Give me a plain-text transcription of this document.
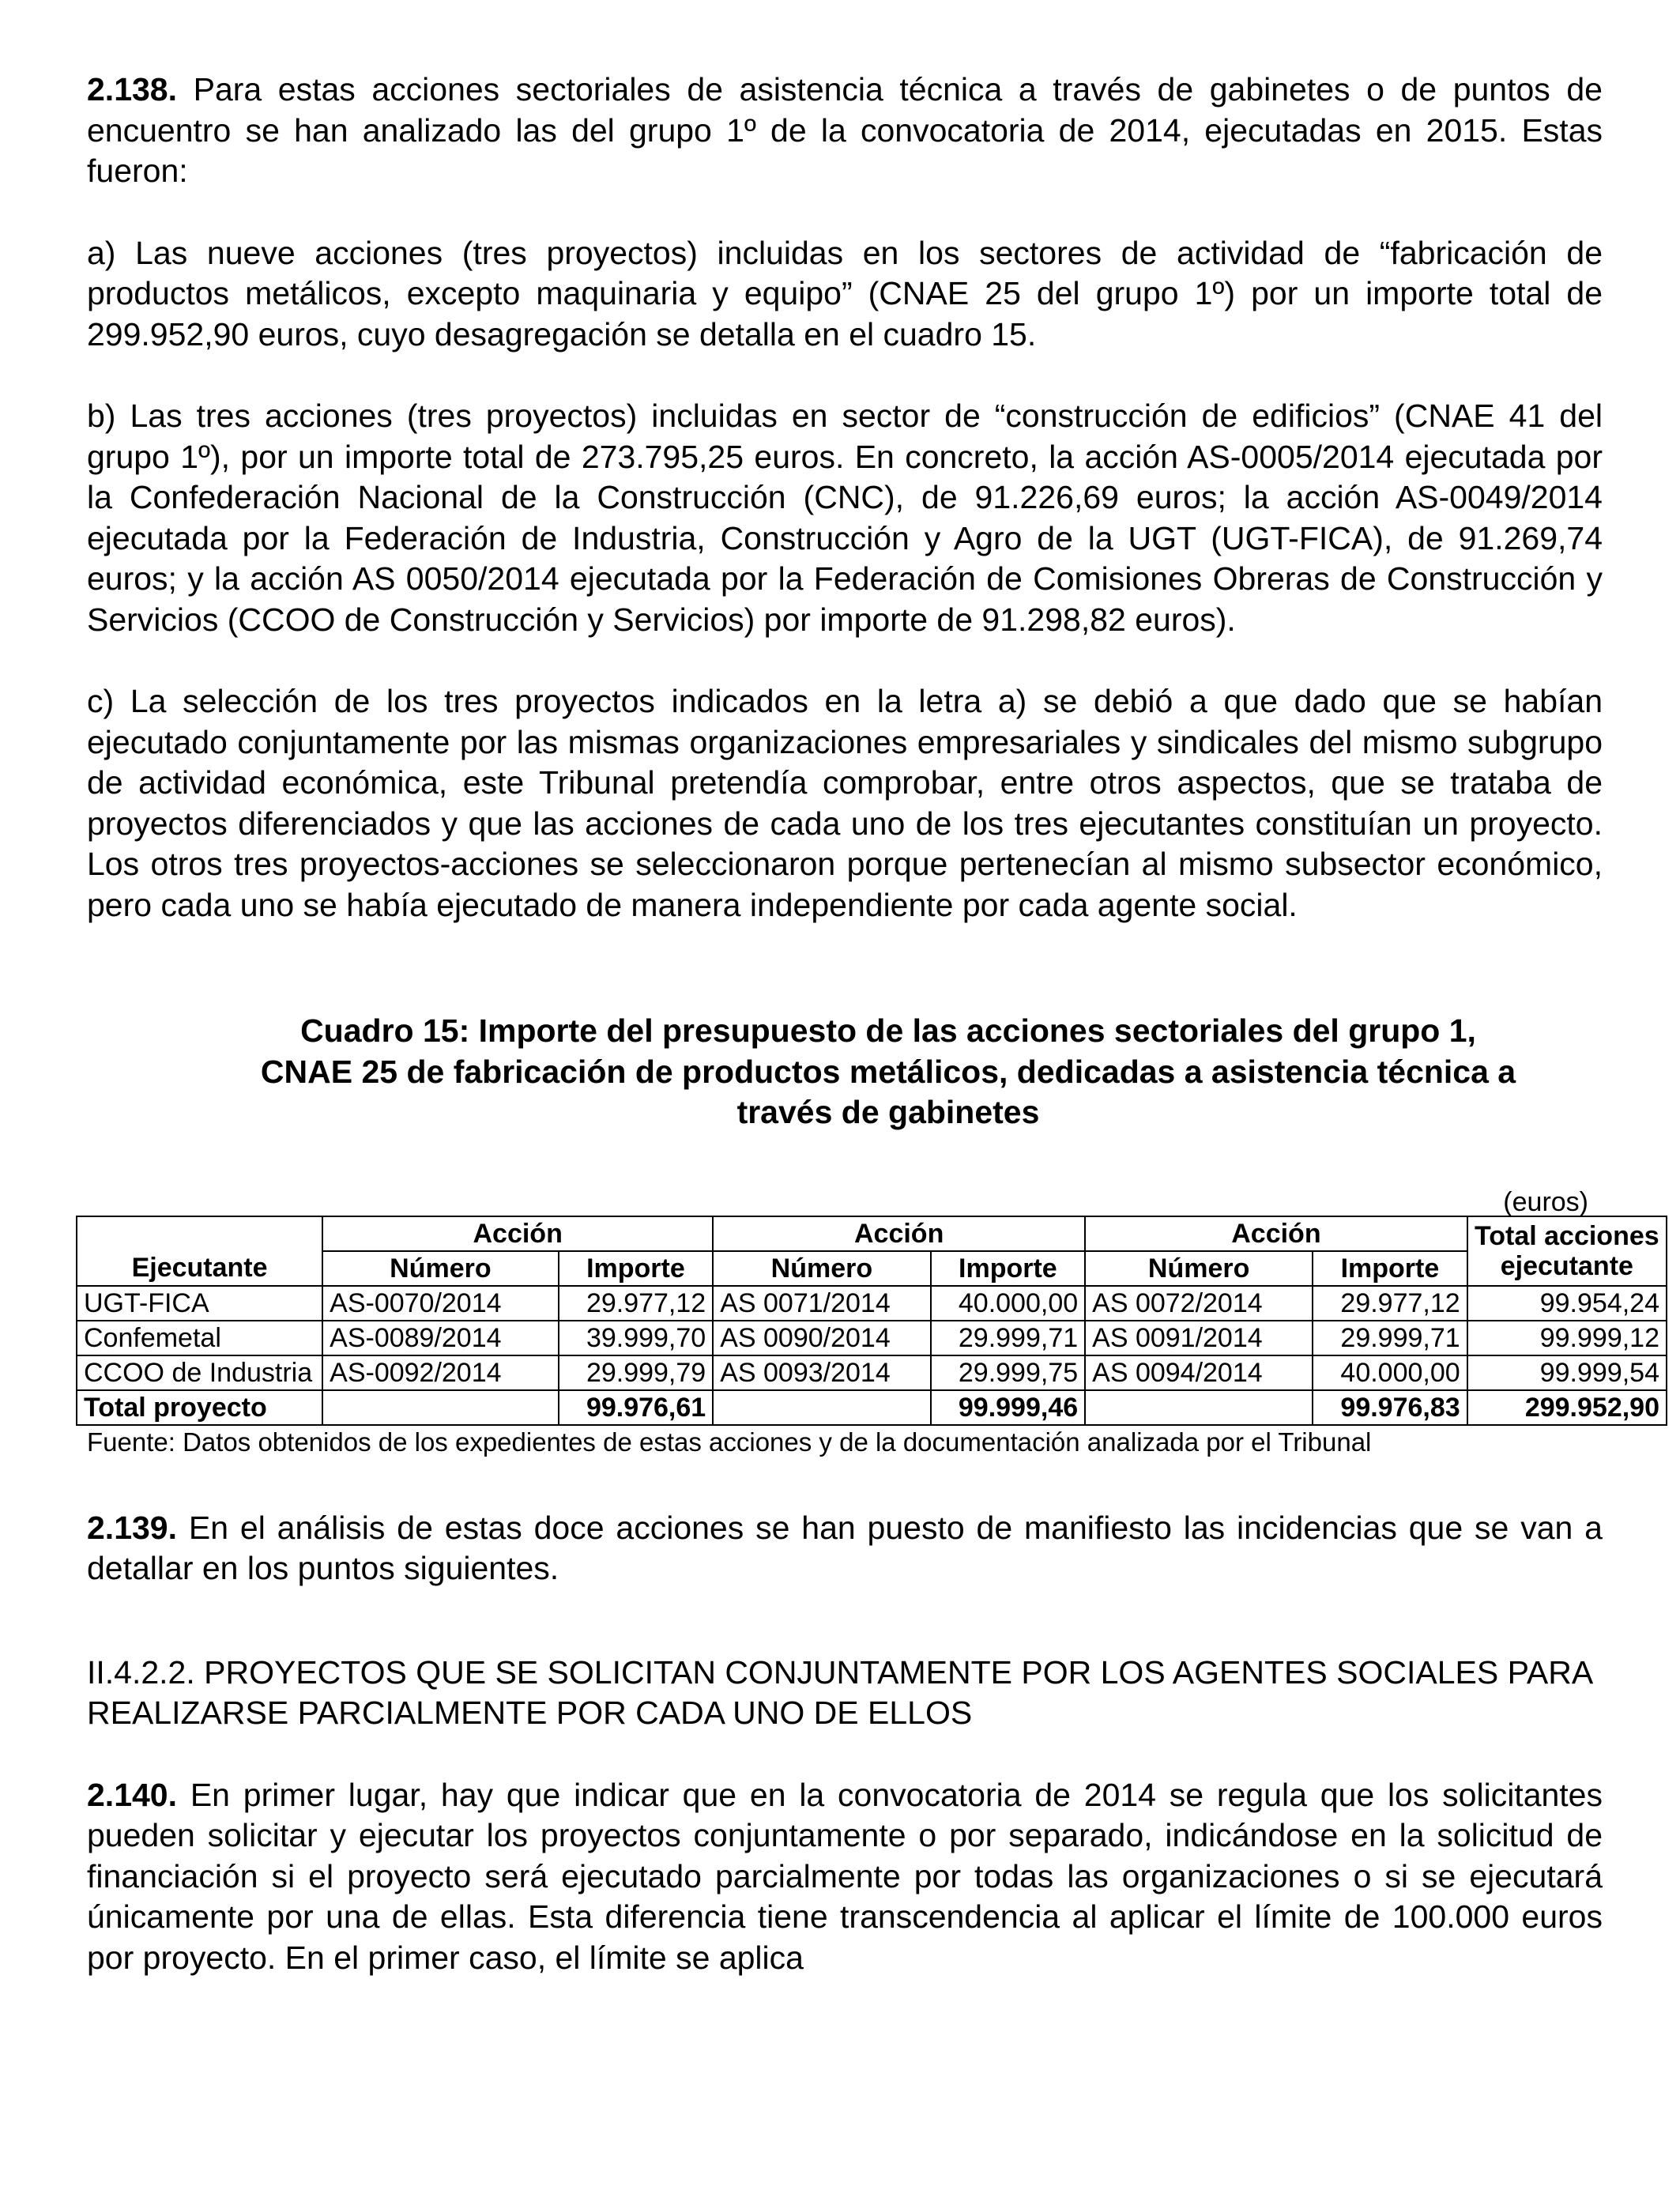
2.138. Para estas acciones sectoriales de asistencia técnica a través de gabinetes o de puntos de encuentro se han analizado las del grupo 1º de la convocatoria de 2014, ejecutadas en 2015. Estas fueron:

a) Las nueve acciones (tres proyectos) incluidas en los sectores de actividad de “fabricación de productos metálicos, excepto maquinaria y equipo” (CNAE 25 del grupo 1º) por un importe total de 299.952,90 euros, cuyo desagregación se detalla en el cuadro 15.

b) Las tres acciones (tres proyectos) incluidas en sector de “construcción de edificios” (CNAE 41 del grupo 1º), por un importe total de 273.795,25 euros. En concreto, la acción AS-0005/2014 ejecutada por la Confederación Nacional de la Construcción (CNC), de 91.226,69 euros; la acción AS-0049/2014 ejecutada por la Federación de Industria, Construcción y Agro de la UGT (UGT-FICA), de 91.269,74 euros; y la acción AS 0050/2014 ejecutada por la Federación de Comisiones Obreras de Construcción y Servicios (CCOO de Construcción y Servicios) por importe de 91.298,82 euros).

c) La selección de los tres proyectos indicados en la letra a) se debió a que dado que se habían ejecutado conjuntamente por las mismas organizaciones empresariales y sindicales del mismo subgrupo de actividad económica, este Tribunal pretendía comprobar, entre otros aspectos, que se trataba de proyectos diferenciados y que las acciones de cada uno de los tres ejecutantes constituían un proyecto. Los otros tres proyectos-acciones se seleccionaron porque pertenecían al mismo subsector económico, pero cada uno se había ejecutado de manera independiente por cada agente social.

Cuadro 15: Importe del presupuesto de las acciones sectoriales del grupo 1,
CNAE 25 de fabricación de productos metálicos, dedicadas a asistencia técnica a
través de gabinetes
(euros)
	Acción		Acción		Acción		Total acciones ejecutante
Ejecutante	Número	Importe	Número	Importe	Número	Importe	
UGT-FICA	AS-0070/2014	29.977,12	AS 0071/2014	40.000,00	AS 0072/2014	29.977,12	99.954,24
Confemetal	AS-0089/2014	39.999,70	AS 0090/2014	29.999,71	AS 0091/2014	29.999,71	99.999,12
CCOO de Industria	AS-0092/2014	29.999,79	AS 0093/2014	29.999,75	AS 0094/2014	40.000,00	99.999,54
Total proyecto		99.976,61		99.999,46		99.976,83	299.952,90
Fuente: Datos obtenidos de los expedientes de estas acciones y de la documentación analizada por el Tribunal

2.139. En el análisis de estas doce acciones se han puesto de manifiesto las incidencias que se van a detallar en los puntos siguientes.

II.4.2.2. PROYECTOS QUE SE SOLICITAN CONJUNTAMENTE POR LOS AGENTES SOCIALES PARA REALIZARSE PARCIALMENTE POR CADA UNO DE ELLOS

2.140. En primer lugar, hay que indicar que en la convocatoria de 2014 se regula que los solicitantes pueden solicitar y ejecutar los proyectos conjuntamente o por separado, indicándose en la solicitud de financiación si el proyecto será ejecutado parcialmente por todas las organizaciones o si se ejecutará únicamente por una de ellas. Esta diferencia tiene transcendencia al aplicar el límite de 100.000 euros por proyecto. En el primer caso, el límite se aplica
